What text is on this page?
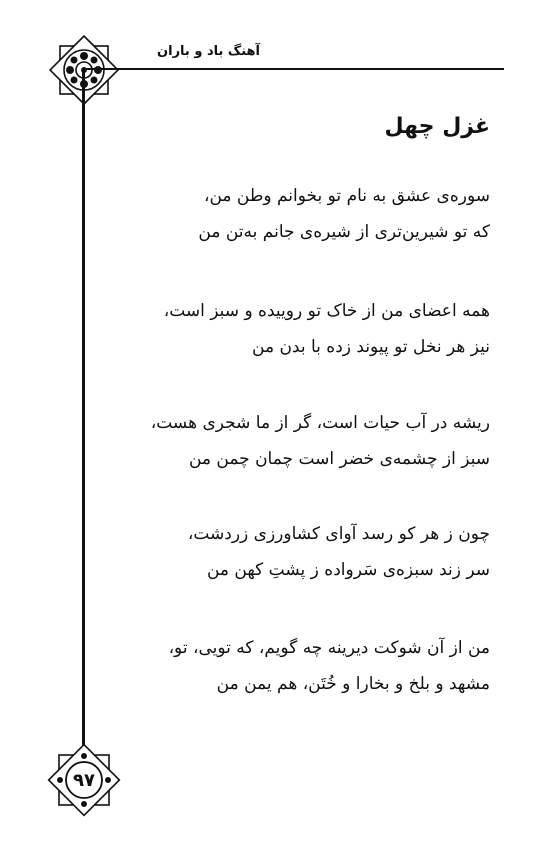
آهنگ باد و باران
غزل چهل
سوره‌ی عشق به نام تو بخوانم وطن من،
که تو شیرین‌تری از شیره‌ی جانم به‌تن من
همه اعضای من از خاک تو روییده و سبز است،
نیز هر نخل تو پیوند زده با بدن من
ریشه در آب حیات است، گر از ما شجری هست،
سبز از چشمه‌ی خضر است چمان چمن من
چون ز هر کو رسد آوای کشاورزی زردشت،
سر زند سبزه‌ی سَرواده ز پشتِ کهن من
من از آن شوکت دیرینه چه گویم، که تویی، تو،
مشهد و بلخ و بخارا و خُتَن، هم یمن من
۹۷
